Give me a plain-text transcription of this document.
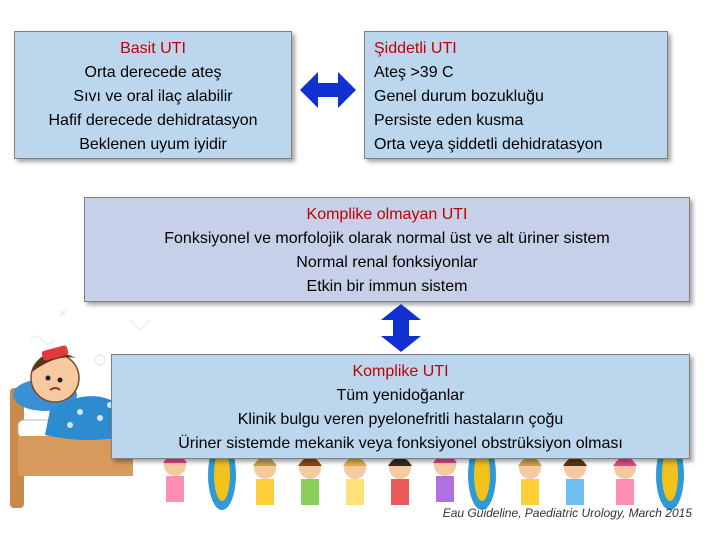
Basit UTI
Orta derecede ateş
Sıvı ve oral ilaç alabilir
Hafif derecede dehidratasyon
Beklenen uyum iyidir
Şiddetli UTI
Ateş >39 C
Genel durum bozukluğu
Persiste eden kusma
Orta veya şiddetli dehidratasyon
Komplike olmayan UTI
Fonksiyonel ve morfolojik olarak normal üst ve alt üriner sistem
Normal renal fonksiyonlar
Etkin bir immun sistem
Komplike UTI
Tüm yenidoğanlar
Klinik bulgu veren pyelonefritli hastaların çoğu
Üriner sistemde mekanik veya fonksiyonel obstrüksiyon olması
Eau Guideline, Paediatric Urology, March 2015
